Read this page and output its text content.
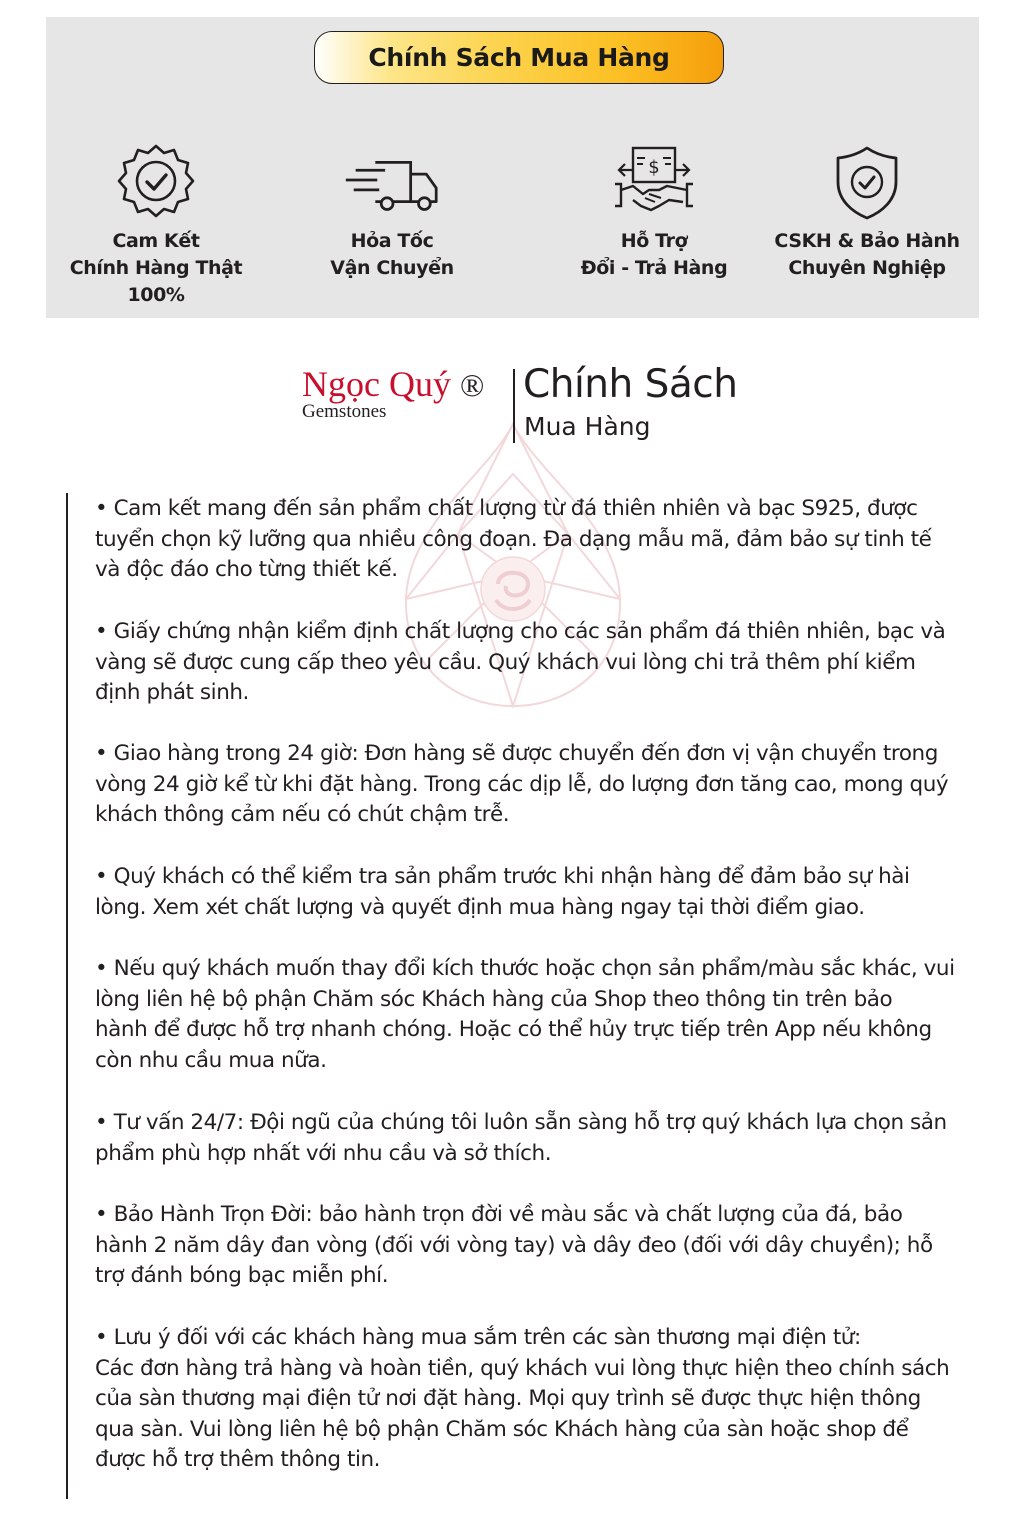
Chính Sách Mua Hàng
Cam Kết
Chính Hàng Thật
100%
Hỏa Tốc
Vận Chuyển
$
Hỗ Trợ
Đổi - Trả Hàng
CSKH & Bảo Hành
Chuyên Nghiệp
Ngọc Quý ®
Gemstones
Chính Sách
Mua Hàng
• Cam kết mang đến sản phẩm chất lượng từ đá thiên nhiên và bạc S925, được
tuyển chọn kỹ lưỡng qua nhiều công đoạn. Đa dạng mẫu mã, đảm bảo sự tinh tế
và độc đáo cho từng thiết kế.
• Giấy chứng nhận kiểm định chất lượng cho các sản phẩm đá thiên nhiên, bạc và
vàng sẽ được cung cấp theo yêu cầu. Quý khách vui lòng chi trả thêm phí kiểm
định phát sinh.
• Giao hàng trong 24 giờ: Đơn hàng sẽ được chuyển đến đơn vị vận chuyển trong
vòng 24 giờ kể từ khi đặt hàng. Trong các dịp lễ, do lượng đơn tăng cao, mong quý
khách thông cảm nếu có chút chậm trễ.
• Quý khách có thể kiểm tra sản phẩm trước khi nhận hàng để đảm bảo sự hài
lòng. Xem xét chất lượng và quyết định mua hàng ngay tại thời điểm giao.
• Nếu quý khách muốn thay đổi kích thước hoặc chọn sản phẩm/màu sắc khác, vui
lòng liên hệ bộ phận Chăm sóc Khách hàng của Shop theo thông tin trên bảo
hành để được hỗ trợ nhanh chóng. Hoặc có thể hủy trực tiếp trên App nếu không
còn nhu cầu mua nữa.
• Tư vấn 24/7: Đội ngũ của chúng tôi luôn sẵn sàng hỗ trợ quý khách lựa chọn sản
phẩm phù hợp nhất với nhu cầu và sở thích.
• Bảo Hành Trọn Đời: bảo hành trọn đời về màu sắc và chất lượng của đá, bảo
hành 2 năm dây đan vòng (đối với vòng tay) và dây đeo (đối với dây chuyền); hỗ
trợ đánh bóng bạc miễn phí.
• Lưu ý đối với các khách hàng mua sắm trên các sàn thương mại điện tử:
Các đơn hàng trả hàng và hoàn tiền, quý khách vui lòng thực hiện theo chính sách
của sàn thương mại điện tử nơi đặt hàng. Mọi quy trình sẽ được thực hiện thông
qua sàn. Vui lòng liên hệ bộ phận Chăm sóc Khách hàng của sàn hoặc shop để
được hỗ trợ thêm thông tin.
